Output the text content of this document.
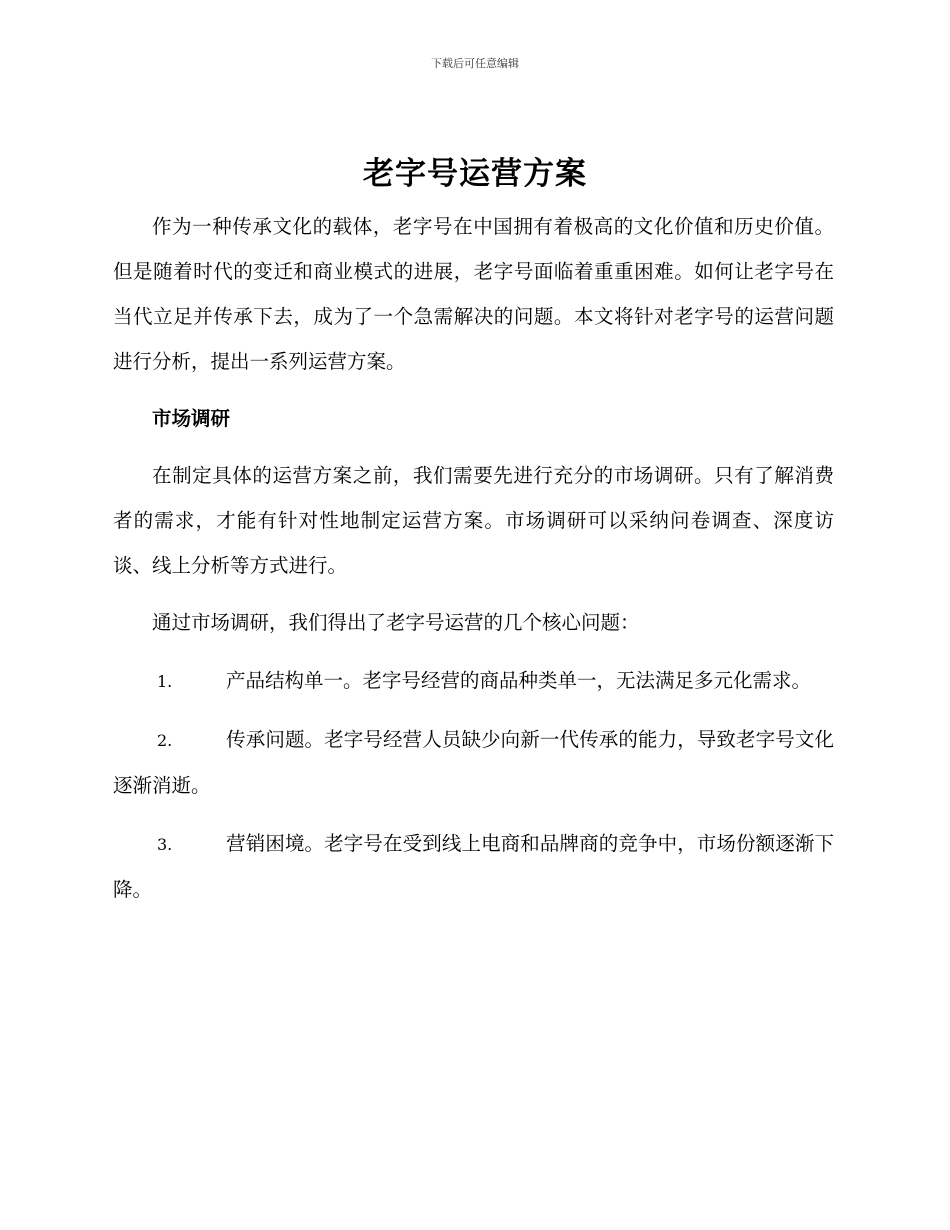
下载后可任意编辑
老字号运营方案

作为一种传承文化的载体，老字号在中国拥有着极高的文化价值和历史价值。但是随着时代的变迁和商业模式的进展，老字号面临着重重困难。如何让老字号在当代立足并传承下去，成为了一个急需解决的问题。本文将针对老字号的运营问题进行分析，提出一系列运营方案。

市场调研

在制定具体的运营方案之前，我们需要先进行充分的市场调研。只有了解消费者的需求，才能有针对性地制定运营方案。市场调研可以采纳问卷调查、深度访谈、线上分析等方式进行。

通过市场调研，我们得出了老字号运营的几个核心问题：

1.	产品结构单一。老字号经营的商品种类单一，无法满足多元化需求。

2.	传承问题。老字号经营人员缺少向新一代传承的能力，导致老字号文化逐渐消逝。

3.	营销困境。老字号在受到线上电商和品牌商的竞争中，市场份额逐渐下降。
